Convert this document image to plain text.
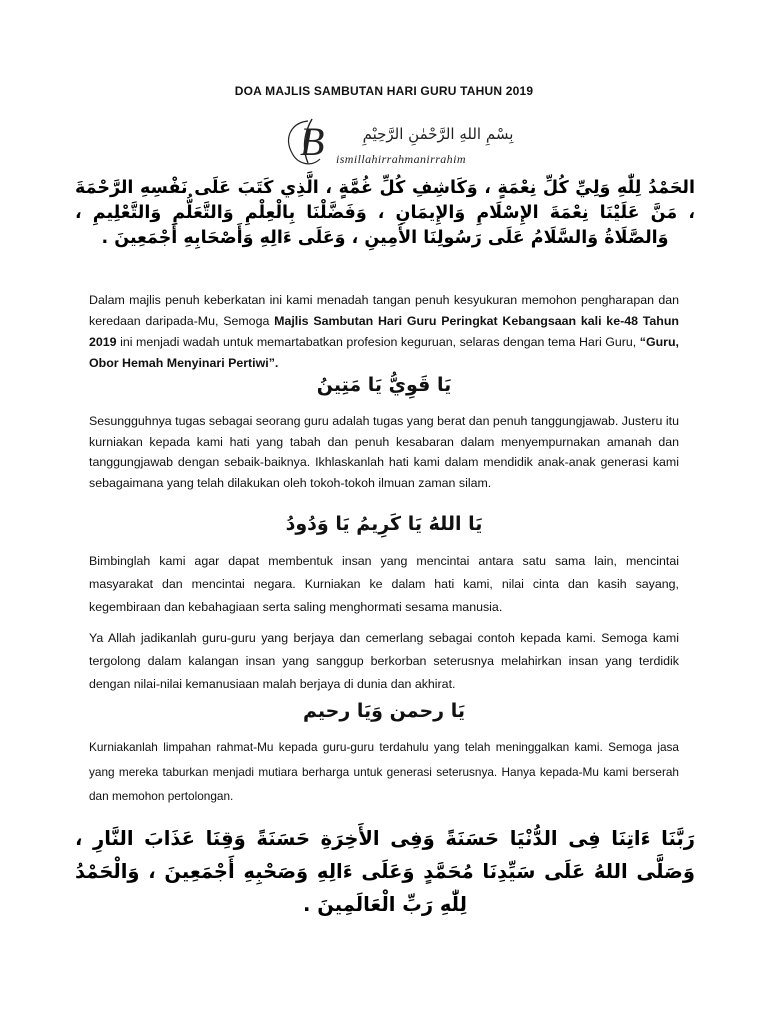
DOA MAJLIS SAMBUTAN HARI GURU TAHUN 2019
B	بِسْمِ اللهِ الرَّحْمٰنِ الرَّحِيْمِ
ismillahirrahmanirrahim
الحَمْدُ لِلّٰهِ وَلِيِّ كُلِّ نِعْمَةٍ ، وَكَاشِفِ كُلِّ غُمَّةٍ ، الَّذِي كَتَبَ عَلَى نَفْسِهِ الرَّحْمَةَ ، مَنَّ عَلَيْنَا نِعْمَةَ الإِسْلَامِ وَالإِيمَانِ ، وَفَضَّلْنَا بِالْعِلْمِ وَالتَّعَلُّمِ وَالتَّعْلِيمِ ، وَالصَّلَاةُ وَالسَّلَامُ عَلَى رَسُولِنَا الأَمِينِ ، وَعَلَى ءَالِهِ وَأَصْحَابِهِ أَجْمَعِينَ .
Dalam majlis penuh keberkatan ini kami menadah tangan penuh kesyukuran memohon pengharapan dan keredaan daripada-Mu, Semoga Majlis Sambutan Hari Guru Peringkat Kebangsaan kali ke-48 Tahun 2019 ini menjadi wadah untuk memartabatkan profesion keguruan, selaras dengan tema Hari Guru, “Guru, Obor Hemah Menyinari Pertiwi”.
يَا قَوِيُّ يَا مَتِينُ
Sesungguhnya tugas sebagai seorang guru adalah tugas yang berat dan penuh tanggungjawab. Justeru itu kurniakan kepada kami hati yang tabah dan penuh kesabaran dalam menyempurnakan amanah dan tanggungjawab dengan sebaik-baiknya. Ikhlaskanlah hati kami dalam mendidik anak-anak generasi kami sebagaimana yang telah dilakukan oleh tokoh-tokoh ilmuan zaman silam.
يَا اللهُ يَا كَرِيمُ يَا وَدُودُ
Bimbinglah kami agar dapat membentuk insan yang mencintai antara satu sama lain, mencintai masyarakat dan mencintai negara. Kurniakan ke dalam hati kami, nilai cinta dan kasih sayang, kegembiraan dan kebahagiaan serta saling menghormati sesama manusia.
Ya Allah jadikanlah guru-guru yang berjaya dan cemerlang sebagai contoh kepada kami. Semoga kami tergolong dalam kalangan insan yang sanggup berkorban seterusnya melahirkan insan yang terdidik dengan nilai-nilai kemanusiaan malah berjaya di dunia dan akhirat.
يَا رحمن وَيَا رحيم
Kurniakanlah limpahan rahmat-Mu kepada guru-guru terdahulu yang telah meninggalkan kami. Semoga jasa yang mereka taburkan menjadi mutiara berharga untuk generasi seterusnya. Hanya kepada-Mu kami berserah dan memohon pertolongan.
رَبَّنَا ءَاتِنَا فِى الدُّنْيَا حَسَنَةً وَفِى الأَخِرَةِ حَسَنَةً وَقِنَا عَذَابَ النَّارِ ، وَصَلَّى اللهُ عَلَى سَيِّدِنَا مُحَمَّدٍ وَعَلَى ءَالِهِ وَصَحْبِهِ أَجْمَعِينَ ، وَالْحَمْدُ لِلّٰهِ رَبِّ الْعَالَمِينَ .
